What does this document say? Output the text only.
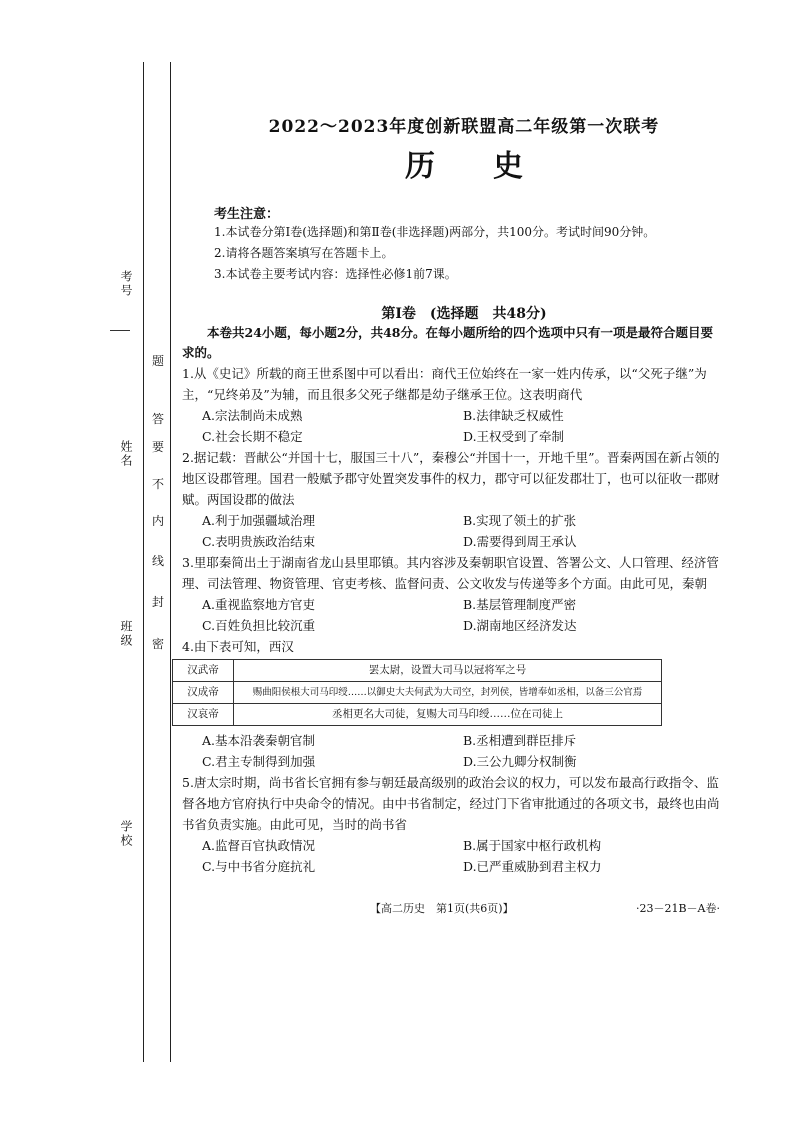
考号
姓名
班级
学校
题
答
要
不
内
线
封
密
2022～2023年度创新联盟高二年级第一次联考
历史
考生注意：
1.本试卷分第Ⅰ卷(选择题)和第Ⅱ卷(非选择题)两部分，共100分。考试时间90分钟。
2.请将各题答案填写在答题卡上。
3.本试卷主要考试内容：选择性必修1前7课。
第Ⅰ卷　(选择题　共48分)
本卷共24小题，每小题2分，共48分。在每小题所给的四个选项中只有一项是最符合题目要求的。
1.从《史记》所载的商王世系图中可以看出：商代王位始终在一家一姓内传承，以“父死子继”为主，“兄终弟及”为辅，而且很多父死子继都是幼子继承王位。这表明商代
A.宗法制尚未成熟	B.法律缺乏权威性
C.社会长期不稳定	D.王权受到了牵制
2.据记载：晋献公“并国十七，服国三十八”，秦穆公“并国十一，开地千里”。晋秦两国在新占领的地区设郡管理。国君一般赋予郡守处置突发事件的权力，郡守可以征发郡壮丁，也可以征收一郡财赋。两国设郡的做法
A.利于加强疆域治理	B.实现了领土的扩张
C.表明贵族政治结束	D.需要得到周王承认
3.里耶秦简出土于湖南省龙山县里耶镇。其内容涉及秦朝职官设置、答署公文、人口管理、经济管理、司法管理、物资管理、官吏考核、监督问责、公文收发与传递等多个方面。由此可见，秦朝
A.重视监察地方官吏	B.基层管理制度严密
C.百姓负担比较沉重	D.湖南地区经济发达
4.由下表可知，西汉
汉武帝	罢太尉，设置大司马以冠将军之号
汉成帝	赐曲阳侯根大司马印绶……以御史大夫何武为大司空，封列侯，皆增奉如丞相，以备三公官焉
汉哀帝	丞相更名大司徒，复赐大司马印绶……位在司徒上
A.基本沿袭秦朝官制	B.丞相遭到群臣排斥
C.君主专制得到加强	D.三公九卿分权制衡
5.唐太宗时期，尚书省长官拥有参与朝廷最高级别的政治会议的权力，可以发布最高行政指令、监督各地方官府执行中央命令的情况。由中书省制定，经过门下省审批通过的各项文书，最终也由尚书省负责实施。由此可见，当时的尚书省
A.监督百官执政情况	B.属于国家中枢行政机构
C.与中书省分庭抗礼	D.已严重威胁到君主权力
【高二历史　第1页(共6页)】	·23－21B－A卷·
